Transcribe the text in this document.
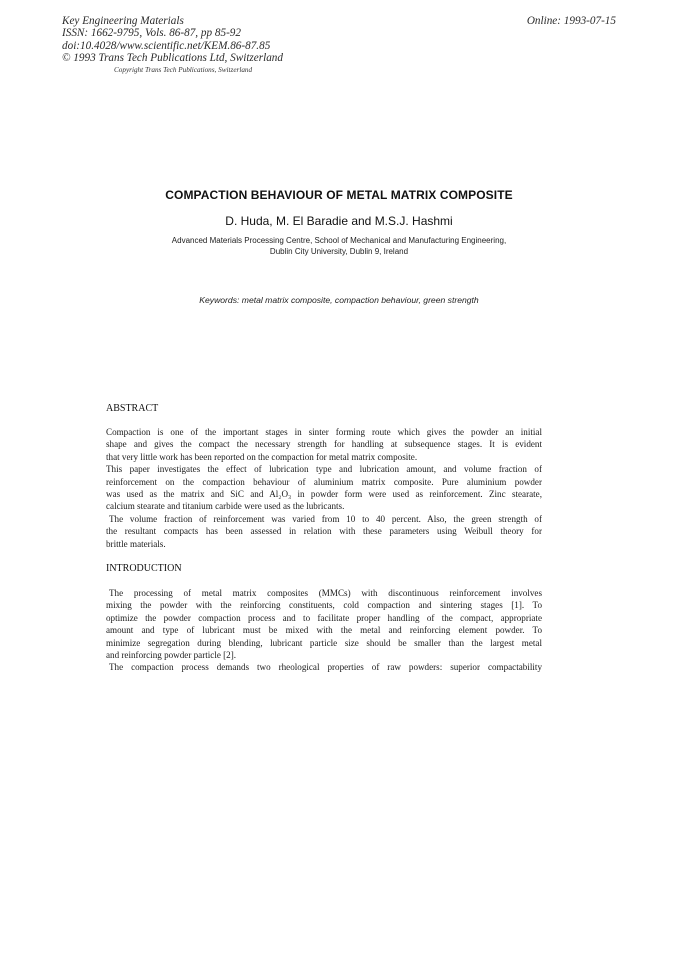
Key Engineering Materials
ISSN: 1662-9795, Vols. 86-87, pp 85-92
doi:10.4028/www.scientific.net/KEM.86-87.85
© 1993 Trans Tech Publications Ltd, Switzerland
Copyright Trans Tech Publications, Switzerland
Online: 1993-07-15
COMPACTION BEHAVIOUR OF METAL MATRIX COMPOSITE
D. Huda, M. El Baradie and M.S.J. Hashmi
Advanced Materials Processing Centre, School of Mechanical and Manufacturing Engineering,
Dublin City University, Dublin 9, Ireland
Keywords: metal matrix composite, compaction behaviour, green strength
ABSTRACT
Compaction is one of the important stages in sinter forming route which gives the powder an initial
shape and gives the compact the necessary strength for handling at subsequence stages. It is evident
that very little work has been reported on the compaction for metal matrix composite.
This paper investigates the effect of lubrication type and lubrication amount, and volume fraction of
reinforcement on the compaction behaviour of aluminium matrix composite. Pure aluminium powder
was used as the matrix and SiC and Al₂O₃ in powder form were used as reinforcement. Zinc stearate,
calcium stearate and titanium carbide were used as the lubricants.
The volume fraction of reinforcement was varied from 10 to 40 percent. Also, the green strength of
the resultant compacts has been assessed in relation with these parameters using Weibull theory for
brittle materials.
INTRODUCTION
The processing of metal matrix composites (MMCs) with discontinuous reinforcement involves
mixing the powder with the reinforcing constituents, cold compaction and sintering stages [1]. To
optimize the powder compaction process and to facilitate proper handling of the compact, appropriate
amount and type of lubricant must be mixed with the metal and reinforcing element powder. To
minimize segregation during blending, lubricant particle size should be smaller than the largest metal
and reinforcing powder particle [2].
The compaction process demands two rheological properties of raw powders: superior compactability
